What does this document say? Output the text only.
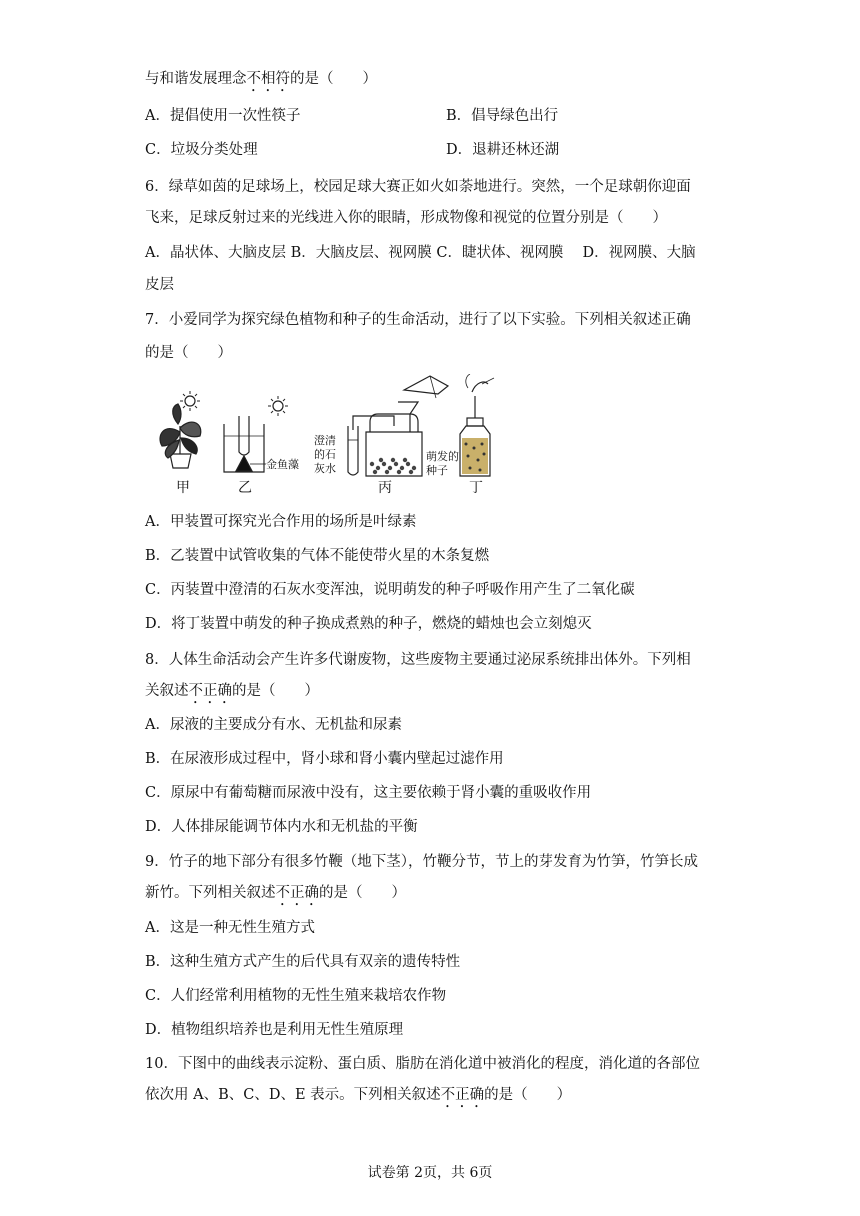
与和谐发展理念不相符的是（　　）
A．提倡使用一次性筷子	B．倡导绿色出行
C．垃圾分类处理	D．退耕还林还湖
6．绿草如茵的足球场上，校园足球大赛正如火如荼地进行。突然，一个足球朝你迎面
飞来，足球反射过来的光线进入你的眼睛，形成物像和视觉的位置分别是（　　）
A．晶状体、大脑皮层 B．大脑皮层、视网膜 C．睫状体、视网膜　 D．视网膜、大脑
皮层
7．小爱同学为探究绿色植物和种子的生命活动，进行了以下实验。下列相关叙述正确
的是（　　）
甲	乙	丙	丁
金鱼藻
澄清
的石
灰水
萌发的
种子
A．甲装置可探究光合作用的场所是叶绿素
B．乙装置中试管收集的气体不能使带火星的木条复燃
C．丙装置中澄清的石灰水变浑浊，说明萌发的种子呼吸作用产生了二氧化碳
D．将丁装置中萌发的种子换成煮熟的种子，燃烧的蜡烛也会立刻熄灭
8．人体生命活动会产生许多代谢废物，这些废物主要通过泌尿系统排出体外。下列相
关叙述不正确的是（　　）
A．尿液的主要成分有水、无机盐和尿素
B．在尿液形成过程中，肾小球和肾小囊内壁起过滤作用
C．原尿中有葡萄糖而尿液中没有，这主要依赖于肾小囊的重吸收作用
D．人体排尿能调节体内水和无机盐的平衡
9．竹子的地下部分有很多竹鞭（地下茎），竹鞭分节，节上的芽发育为竹笋，竹笋长成
新竹。下列相关叙述不正确的是（　　）
A．这是一种无性生殖方式
B．这种生殖方式产生的后代具有双亲的遗传特性
C．人们经常利用植物的无性生殖来栽培农作物
D．植物组织培养也是利用无性生殖原理
10．下图中的曲线表示淀粉、蛋白质、脂肪在消化道中被消化的程度，消化道的各部位
依次用 A、B、C、D、E 表示。下列相关叙述不正确的是（　　）
试卷第 2页，共 6页
